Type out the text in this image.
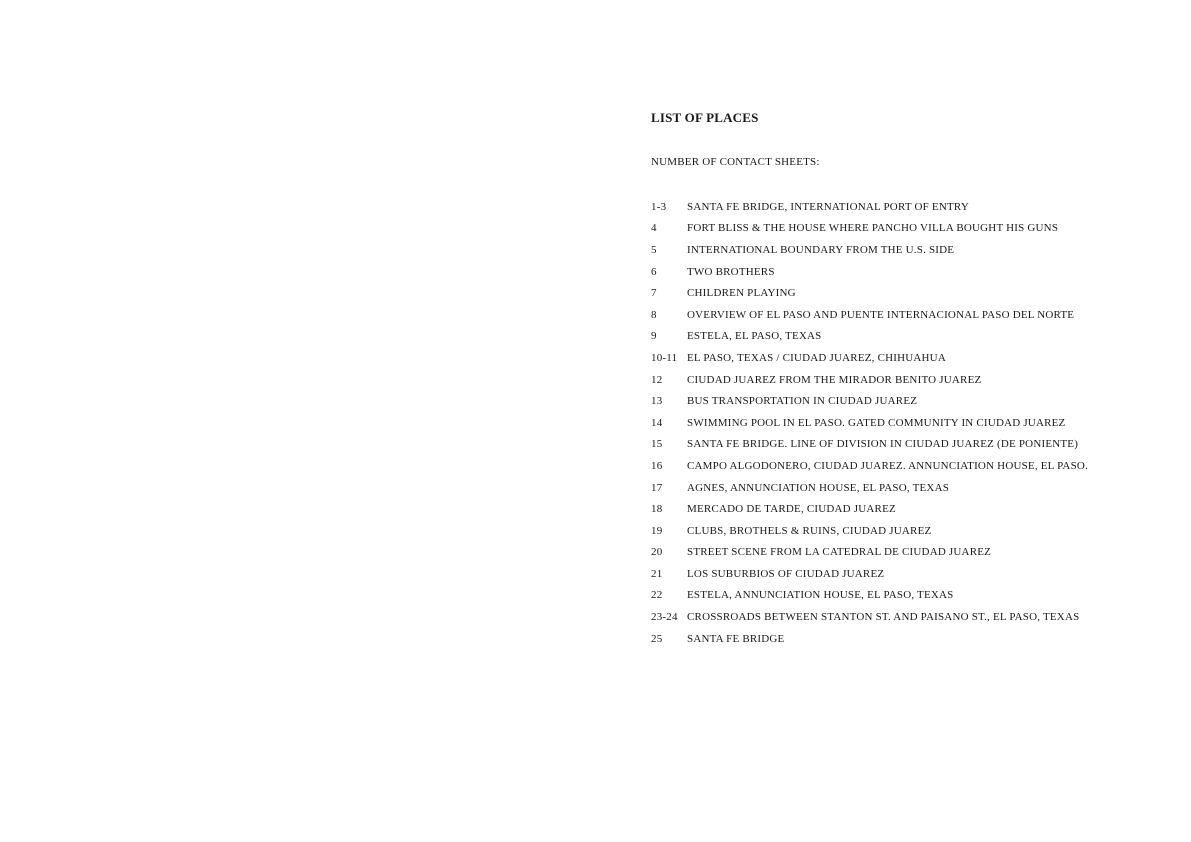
LIST OF PLACES

NUMBER OF CONTACT SHEETS:

1-3	SANTA FE BRIDGE, INTERNATIONAL PORT OF ENTRY
4	FORT BLISS & THE HOUSE WHERE PANCHO VILLA BOUGHT HIS GUNS
5	INTERNATIONAL BOUNDARY FROM THE U.S. SIDE
6	TWO BROTHERS
7	CHILDREN PLAYING
8	OVERVIEW OF EL PASO AND PUENTE INTERNACIONAL PASO DEL NORTE
9	ESTELA, EL PASO, TEXAS
10-11 EL PASO, TEXAS / CIUDAD JUAREZ, CHIHUAHUA
12	CIUDAD JUAREZ FROM THE MIRADOR BENITO JUAREZ
13	BUS TRANSPORTATION IN CIUDAD JUAREZ
14	SWIMMING POOL IN EL PASO. GATED COMMUNITY IN CIUDAD JUAREZ
15	SANTA FE BRIDGE. LINE OF DIVISION IN CIUDAD JUAREZ (DE PONIENTE)
16	CAMPO ALGODONERO, CIUDAD JUAREZ. ANNUNCIATION HOUSE, EL PASO.
17	AGNES, ANNUNCIATION HOUSE, EL PASO, TEXAS
18	MERCADO DE TARDE, CIUDAD JUAREZ
19	CLUBS, BROTHELS & RUINS, CIUDAD JUAREZ
20	STREET SCENE FROM LA CATEDRAL DE CIUDAD JUAREZ
21	LOS SUBURBIOS OF CIUDAD JUAREZ
22	ESTELA, ANNUNCIATION HOUSE, EL PASO, TEXAS
23-24 CROSSROADS BETWEEN STANTON ST. AND PAISANO ST., EL PASO, TEXAS
25	SANTA FE BRIDGE
